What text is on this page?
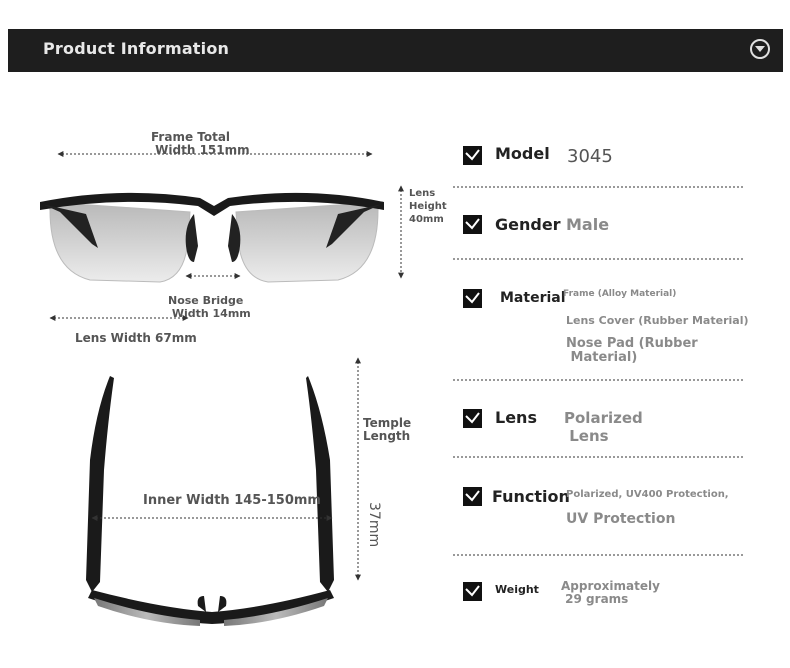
Product Information
Frame Total
Width 151mm
Lens Height 40mm
Nose Bridge
Width 14mm
Lens Width 67mm
Temple
Length
37mm
Inner Width 145-150mm
Model 3045
Gender Male
Material
Frame (Alloy Material)
Lens Cover (Rubber Material)
Nose Pad (Rubber
Material)
Lens Polarized
Lens
Function
Polarized, UV400 Protection,
UV Protection
Weight Approximately
29 grams
